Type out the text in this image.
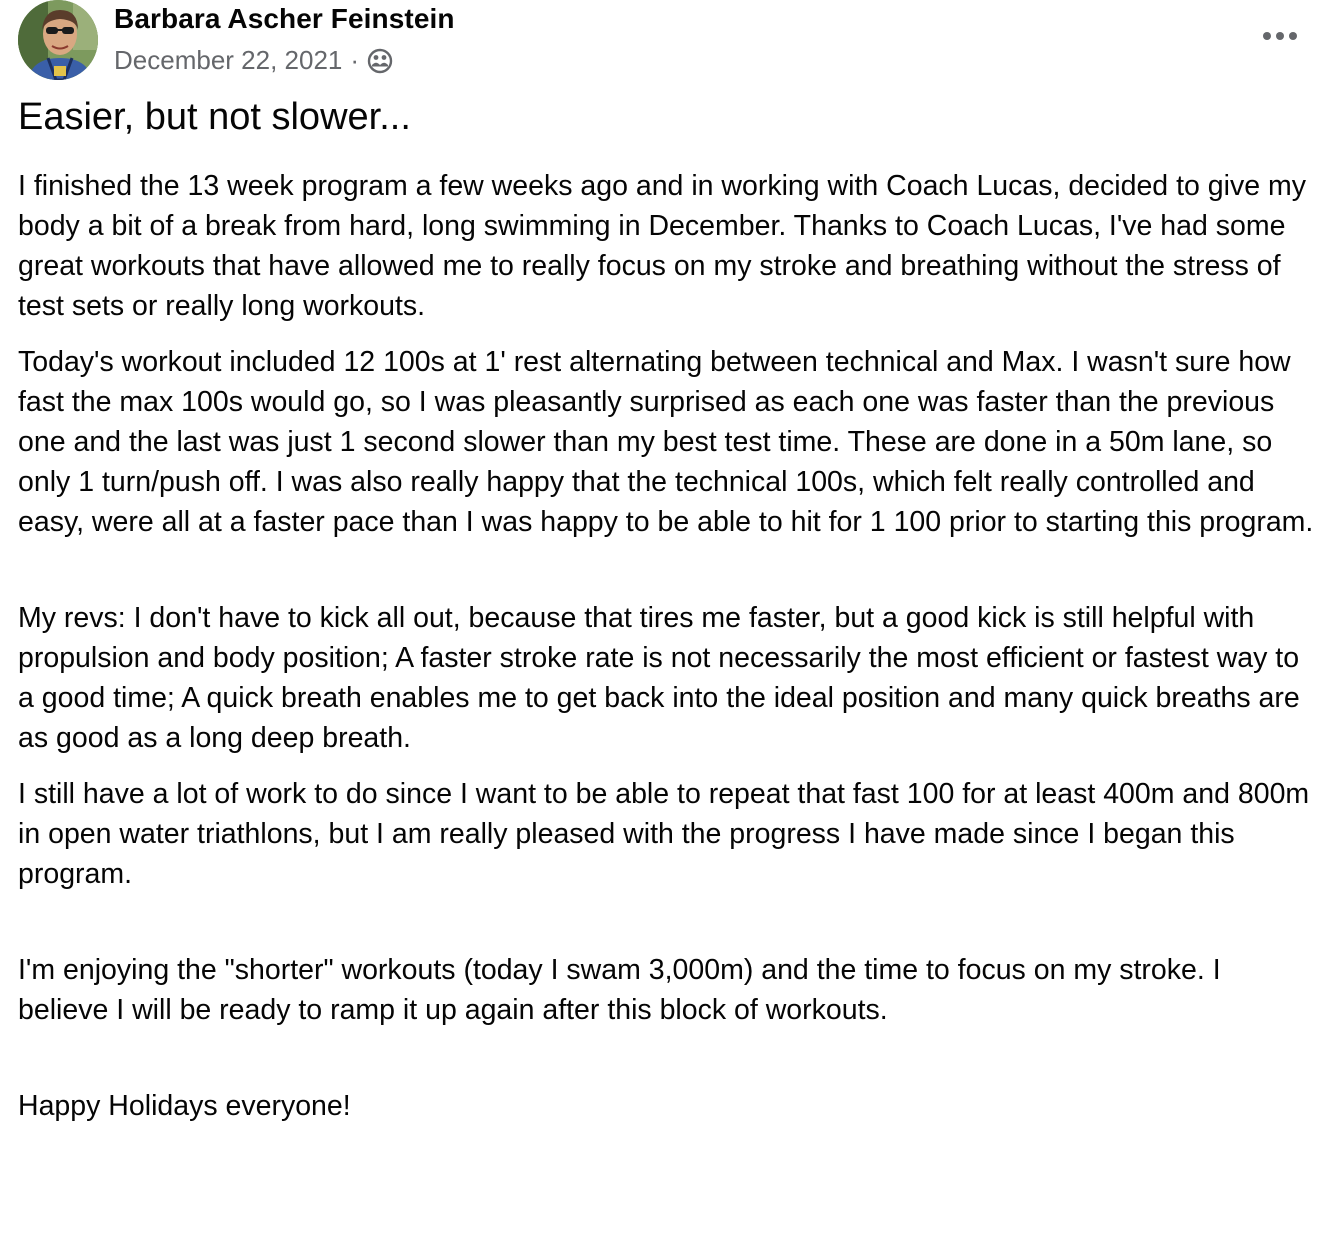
Barbara Ascher Feinstein
December 22, 2021 ·
Easier, but not slower...

I finished the 13 week program a few weeks ago and in working with Coach Lucas, decided to give my body a bit of a break from hard, long swimming in December. Thanks to Coach Lucas, I've had some great workouts that have allowed me to really focus on my stroke and breathing without the stress of test sets or really long workouts.

Today's workout included 12 100s at 1' rest alternating between technical and Max. I wasn't sure how fast the max 100s would go, so I was pleasantly surprised as each one was faster than the previous one and the last was just 1 second slower than my best test time. These are done in a 50m lane, so only 1 turn/push off. I was also really happy that the technical 100s, which felt really controlled and easy, were all at a faster pace than I was happy to be able to hit for 1 100 prior to starting this program.

My revs: I don't have to kick all out, because that tires me faster, but a good kick is still helpful with propulsion and body position; A faster stroke rate is not necessarily the most efficient or fastest way to a good time; A quick breath enables me to get back into the ideal position and many quick breaths are as good as a long deep breath.

I still have a lot of work to do since I want to be able to repeat that fast 100 for at least 400m and 800m in open water triathlons, but I am really pleased with the progress I have made since I began this program.

I'm enjoying the "shorter" workouts (today I swam 3,000m) and the time to focus on my stroke. I believe I will be ready to ramp it up again after this block of workouts.

Happy Holidays everyone!
